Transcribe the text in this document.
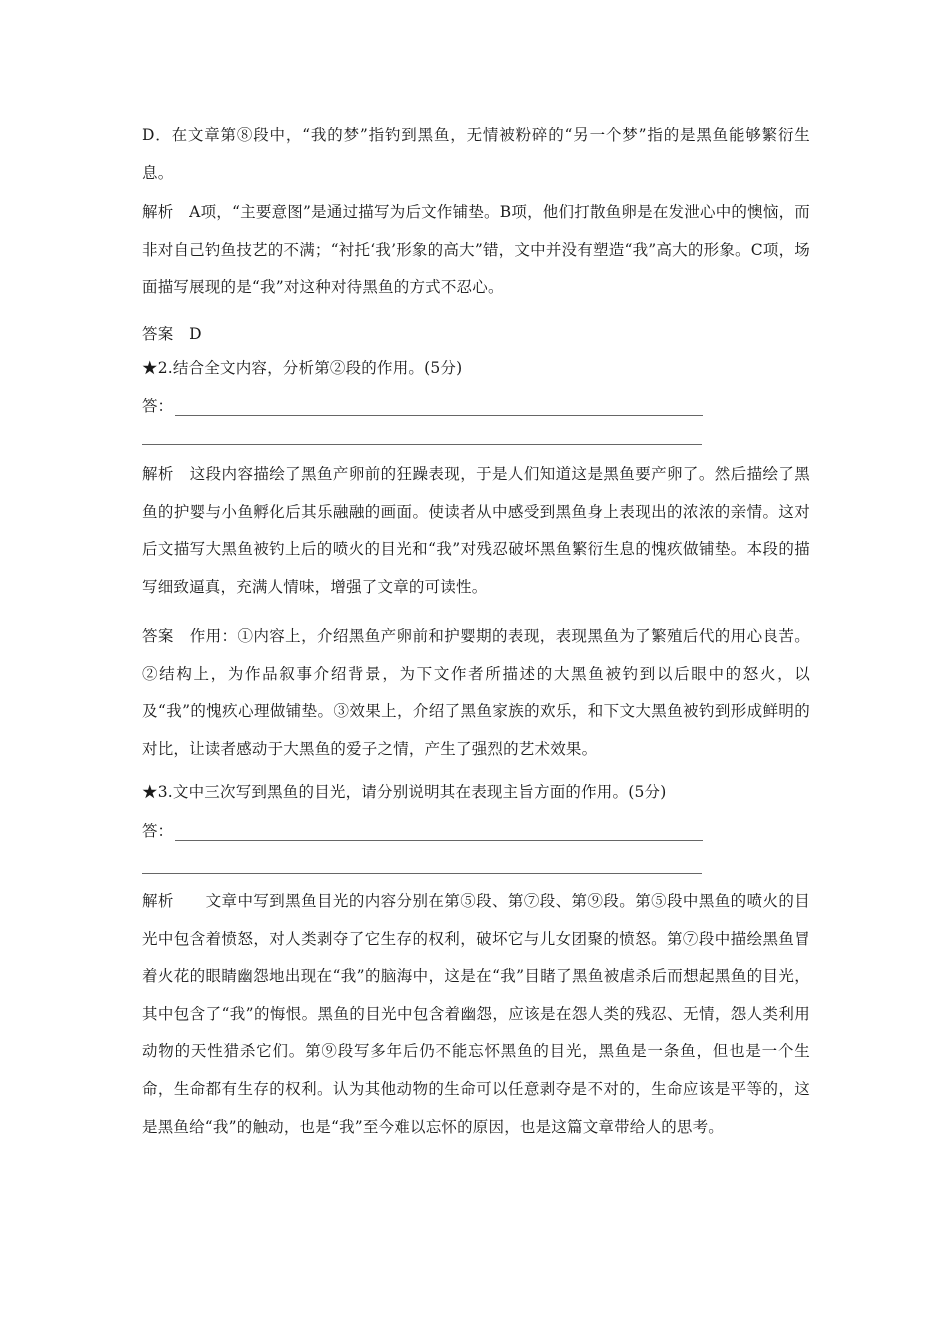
D．在文章第⑧段中，“我的梦”指钓到黑鱼，无情被粉碎的“另一个梦”指的是黑鱼能够繁衍生息。
解析　A项，“主要意图”是通过描写为后文作铺垫。B项，他们打散鱼卵是在发泄心中的懊恼，而非对自己钓鱼技艺的不满；“衬托‘我’形象的高大”错，文中并没有塑造“我”高大的形象。C项，场面描写展现的是“我”对这种对待黑鱼的方式不忍心。
答案　D
★2.结合全文内容，分析第②段的作用。(5分)
答：
解析　这段内容描绘了黑鱼产卵前的狂躁表现，于是人们知道这是黑鱼要产卵了。然后描绘了黑鱼的护婴与小鱼孵化后其乐融融的画面。使读者从中感受到黑鱼身上表现出的浓浓的亲情。这对后文描写大黑鱼被钓上后的喷火的目光和“我”对残忍破坏黑鱼繁衍生息的愧疚做铺垫。本段的描写细致逼真，充满人情味，增强了文章的可读性。
答案　作用：①内容上，介绍黑鱼产卵前和护婴期的表现，表现黑鱼为了繁殖后代的用心良苦。②结构上，为作品叙事介绍背景，为下文作者所描述的大黑鱼被钓到以后眼中的怒火，以及“我”的愧疚心理做铺垫。③效果上，介绍了黑鱼家族的欢乐，和下文大黑鱼被钓到形成鲜明的对比，让读者感动于大黑鱼的爱子之情，产生了强烈的艺术效果。
★3.文中三次写到黑鱼的目光，请分别说明其在表现主旨方面的作用。(5分)
答：
解析　　文章中写到黑鱼目光的内容分别在第⑤段、第⑦段、第⑨段。第⑤段中黑鱼的喷火的目光中包含着愤怒，对人类剥夺了它生存的权利，破坏它与儿女团聚的愤怒。第⑦段中描绘黑鱼冒着火花的眼睛幽怨地出现在“我”的脑海中，这是在“我”目睹了黑鱼被虐杀后而想起黑鱼的目光，其中包含了“我”的悔恨。黑鱼的目光中包含着幽怨，应该是在怨人类的残忍、无情，怨人类利用动物的天性猎杀它们。第⑨段写多年后仍不能忘怀黑鱼的目光，黑鱼是一条鱼，但也是一个生命，生命都有生存的权利。认为其他动物的生命可以任意剥夺是不对的，生命应该是平等的，这是黑鱼给“我”的触动，也是“我”至今难以忘怀的原因，也是这篇文章带给人的思考。
